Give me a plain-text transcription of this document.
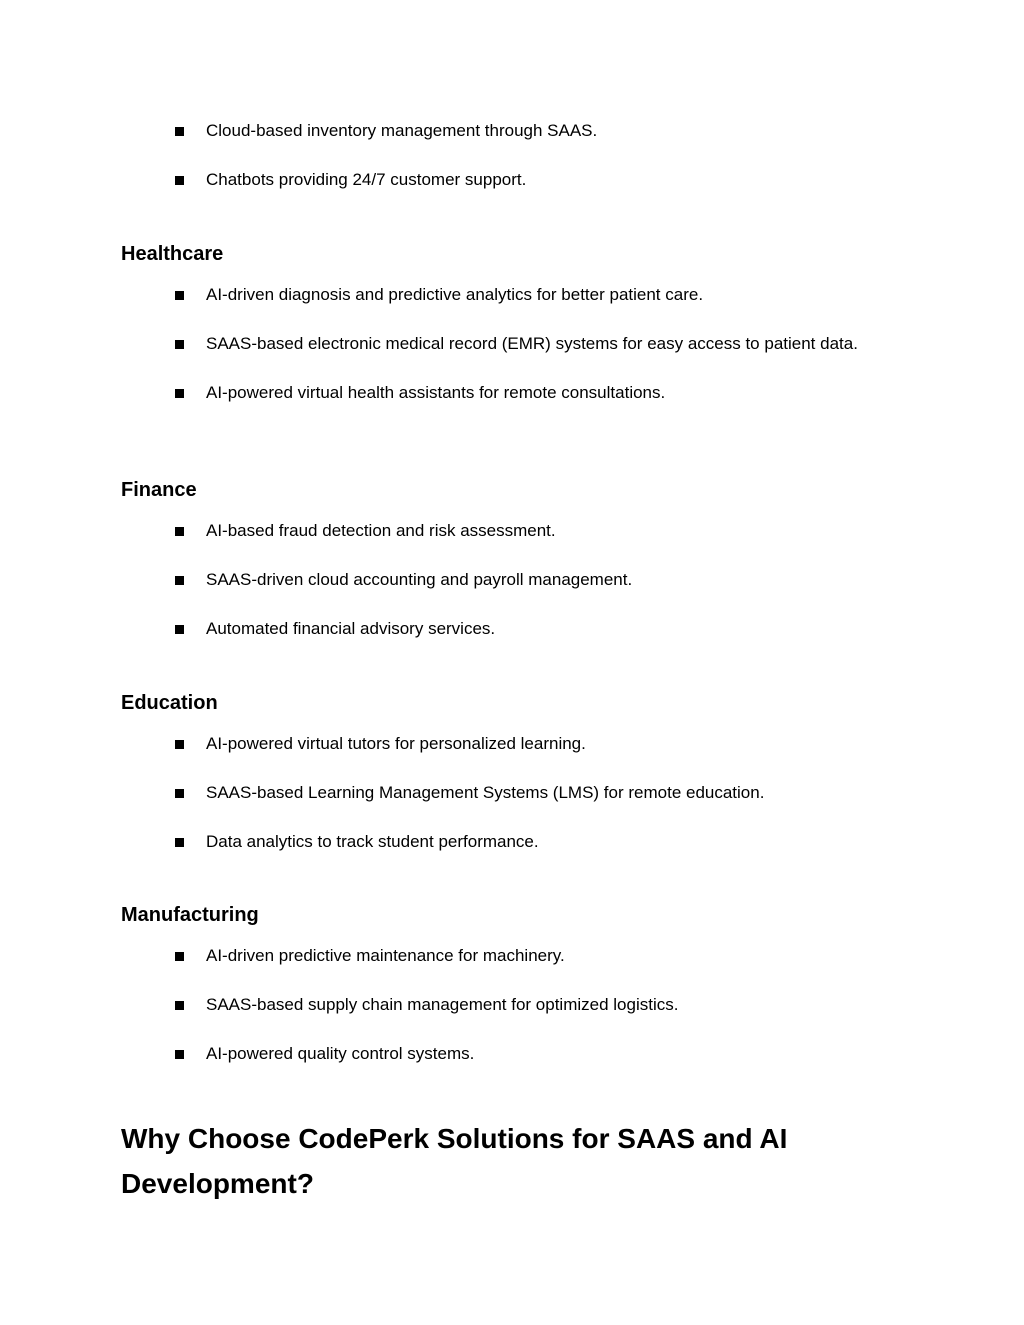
Cloud-based inventory management through SAAS.
Chatbots providing 24/7 customer support.
Healthcare
AI-driven diagnosis and predictive analytics for better patient care.
SAAS-based electronic medical record (EMR) systems for easy access to patient data.
AI-powered virtual health assistants for remote consultations.
Finance
AI-based fraud detection and risk assessment.
SAAS-driven cloud accounting and payroll management.
Automated financial advisory services.
Education
AI-powered virtual tutors for personalized learning.
SAAS-based Learning Management Systems (LMS) for remote education.
Data analytics to track student performance.
Manufacturing
AI-driven predictive maintenance for machinery.
SAAS-based supply chain management for optimized logistics.
AI-powered quality control systems.
Why Choose CodePerk Solutions for SAAS and AI Development?
